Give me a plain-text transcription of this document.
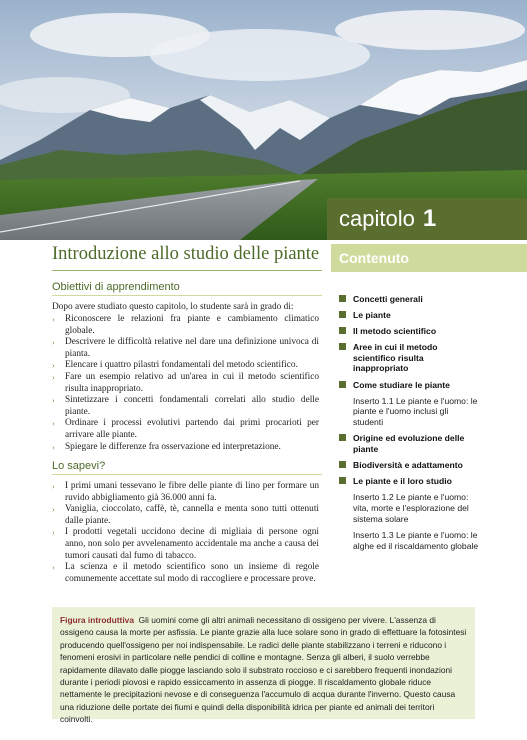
capitolo 1
Introduzione allo studio delle piante	Contenuto
Obiettivi di apprendimento
Dopo avere studiato questo capitolo, lo studente sarà in grado di:
› Riconoscere le relazioni fra piante e cambiamento climatico globale.
› Descrivere le difficoltà relative nel dare una definizione univoca di pianta.
› Elencare i quattro pilastri fondamentali del metodo scientifico.
› Fare un esempio relativo ad un'area in cui il metodo scientifico risulta inappropriato.
› Sintetizzare i concetti fondamentali correlati allo studio delle piante.
› Ordinare i processi evolutivi partendo dai primi procarioti per arrivare alle piante.
› Spiegare le differenze fra osservazione ed interpretazione.
Lo sapevi?
› I primi umani tessevano le fibre delle piante di lino per formare un ruvido abbigliamento già 36.000 anni fa.
› Vaniglia, cioccolato, caffè, tè, cannella e menta sono tutti ottenuti dalle piante.
› I prodotti vegetali uccidono decine di migliaia di persone ogni anno, non solo per avvelenamento accidentale ma anche a causa dei tumori causati dal fumo di tabacco.
› La scienza e il metodo scientifico sono un insieme di regole comunemente accettate sul modo di raccogliere e processare prove.
Concetti generali
Le piante
Il metodo scientifico
Aree in cui il metodo scientifico risulta inappropriato
Come studiare le piante
Inserto 1.1 Le piante e l'uomo: le piante e l'uomo inclusi gli studenti
Origine ed evoluzione delle piante
Biodiversità e adattamento
Le piante e il loro studio
Inserto 1.2 Le piante e l'uomo: vita, morte e l'esplorazione del sistema solare
Inserto 1.3 Le piante e l'uomo: le alghe ed il riscaldamento globale
Figura introduttiva Gli uomini come gli altri animali necessitano di ossigeno per vivere. L'assenza di ossigeno causa la morte per asfissia. Le piante grazie alla luce solare sono in grado di effettuare la fotosintesi producendo quell'ossigeno per noi indispensabile. Le radici delle piante stabilizzano i terreni e riducono i fenomeni erosivi in particolare nelle pendici di colline e montagne. Senza gli alberi, il suolo verrebbe rapidamente dilavato dalle piogge lasciando solo il substrato roccioso e ci sarebbero frequenti inondazioni durante i periodi piovosi e rapido essiccamento in assenza di piogge. Il riscaldamento globale riduce nettamente le precipitazioni nevose e di conseguenza l'accumulo di acqua durante l'inverno. Questo causa una riduzione delle portate dei fiumi e quindi della disponibilità idrica per piante ed animali dei territori coinvolti.
